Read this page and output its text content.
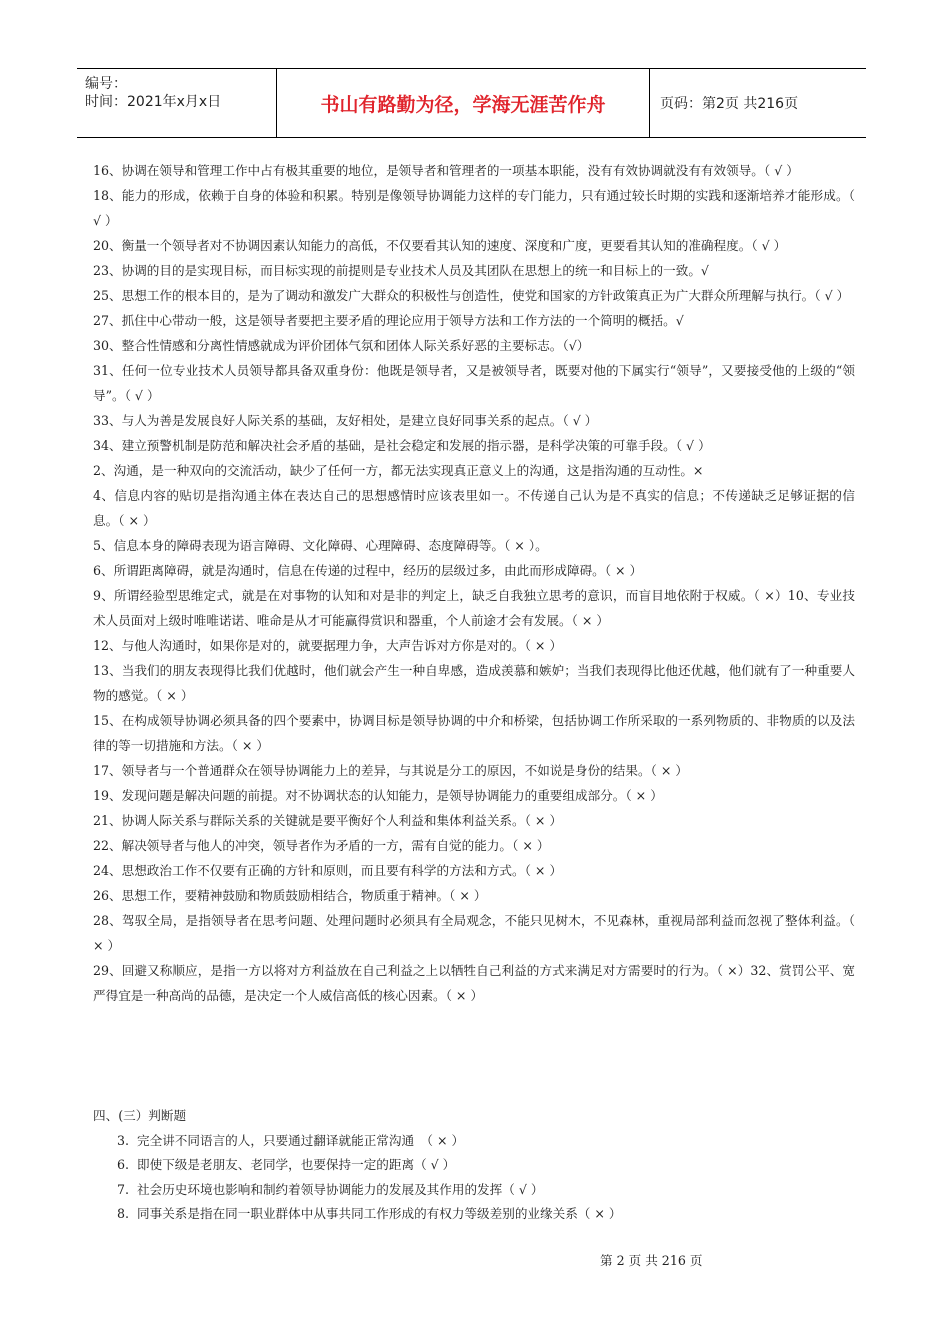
编号：
时间：2021年x月x日	书山有路勤为径，学海无涯苦作舟	页码：第2页 共216页

16、协调在领导和管理工作中占有极其重要的地位，是领导者和管理者的一项基本职能，没有有效协调就没有有效领导。（ √ ）

18、能力的形成，依赖于自身的体验和积累。特别是像领导协调能力这样的专门能力，只有通过较长时期的实践和逐渐培养才能形成。（ √ ）

20、衡量一个领导者对不协调因素认知能力的高低，不仅要看其认知的速度、深度和广度，更要看其认知的准确程度。（ √ ）

23、协调的目的是实现目标，而目标实现的前提则是专业技术人员及其团队在思想上的统一和目标上的一致。√

25、思想工作的根本目的，是为了调动和激发广大群众的积极性与创造性，使党和国家的方针政策真正为广大群众所理解与执行。（ √ ）

27、抓住中心带动一般，这是领导者要把主要矛盾的理论应用于领导方法和工作方法的一个简明的概括。√

30、整合性情感和分离性情感就成为评价团体气氛和团体人际关系好恶的主要标志。（√）

31、任何一位专业技术人员领导都具备双重身份：他既是领导者，又是被领导者，既要对他的下属实行“领导”，又要接受他的上级的“领导”。（ √ ）

33、与人为善是发展良好人际关系的基础，友好相处，是建立良好同事关系的起点。（ √ ）

34、建立预警机制是防范和解决社会矛盾的基础，是社会稳定和发展的指示器，是科学决策的可靠手段。（ √ ）

2、沟通，是一种双向的交流活动，缺少了任何一方，都无法实现真正意义上的沟通，这是指沟通的互动性。×

4、信息内容的贴切是指沟通主体在表达自己的思想感情时应该表里如一。不传递自己认为是不真实的信息；不传递缺乏足够证据的信息。（ × ）

5、信息本身的障碍表现为语言障碍、文化障碍、心理障碍、态度障碍等。（ × ）。

6、所谓距离障碍，就是沟通时，信息在传递的过程中，经历的层级过多，由此而形成障碍。（ × ）

9、所谓经验型思维定式，就是在对事物的认知和对是非的判定上，缺乏自我独立思考的意识，而盲目地依附于权威。（ ×）10、专业技术人员面对上级时唯唯诺诺、唯命是从才可能赢得赏识和器重，个人前途才会有发展。（ × ）

12、与他人沟通时，如果你是对的，就要据理力争，大声告诉对方你是对的。（ × ）

13、当我们的朋友表现得比我们优越时，他们就会产生一种自卑感，造成羡慕和嫉妒；当我们表现得比他还优越，他们就有了一种重要人物的感觉。（ × ）

15、在构成领导协调必须具备的四个要素中，协调目标是领导协调的中介和桥梁，包括协调工作所采取的一系列物质的、非物质的以及法律的等一切措施和方法。（ × ）

17、领导者与一个普通群众在领导协调能力上的差异，与其说是分工的原因，不如说是身份的结果。（ × ）

19、发现问题是解决问题的前提。对不协调状态的认知能力，是领导协调能力的重要组成部分。（ × ）

21、协调人际关系与群际关系的关键就是要平衡好个人利益和集体利益关系。（ × ）

22、解决领导者与他人的冲突，领导者作为矛盾的一方，需有自觉的能力。（ × ）

24、思想政治工作不仅要有正确的方针和原则，而且要有科学的方法和方式。（ × ）

26、思想工作，要精神鼓励和物质鼓励相结合，物质重于精神。（ × ）

28、驾驭全局，是指领导者在思考问题、处理问题时必须具有全局观念，不能只见树木，不见森林，重视局部利益而忽视了整体利益。（ × ）

29、回避又称顺应，是指一方以将对方利益放在自己利益之上以牺牲自己利益的方式来满足对方需要时的行为。（ ×）32、赏罚公平、宽严得宜是一种高尚的品德，是决定一个人威信高低的核心因素。（ × ）

四、(三）判断题

3. 完全讲不同语言的人，只要通过翻译就能正常沟通　（ × ）

6. 即使下级是老朋友、老同学，也要保持一定的距离（ √ ）

7. 社会历史环境也影响和制约着领导协调能力的发展及其作用的发挥（ √ ）

8. 同事关系是指在同一职业群体中从事共同工作形成的有权力等级差别的业缘关系（ × ）

第 2 页 共 216 页
